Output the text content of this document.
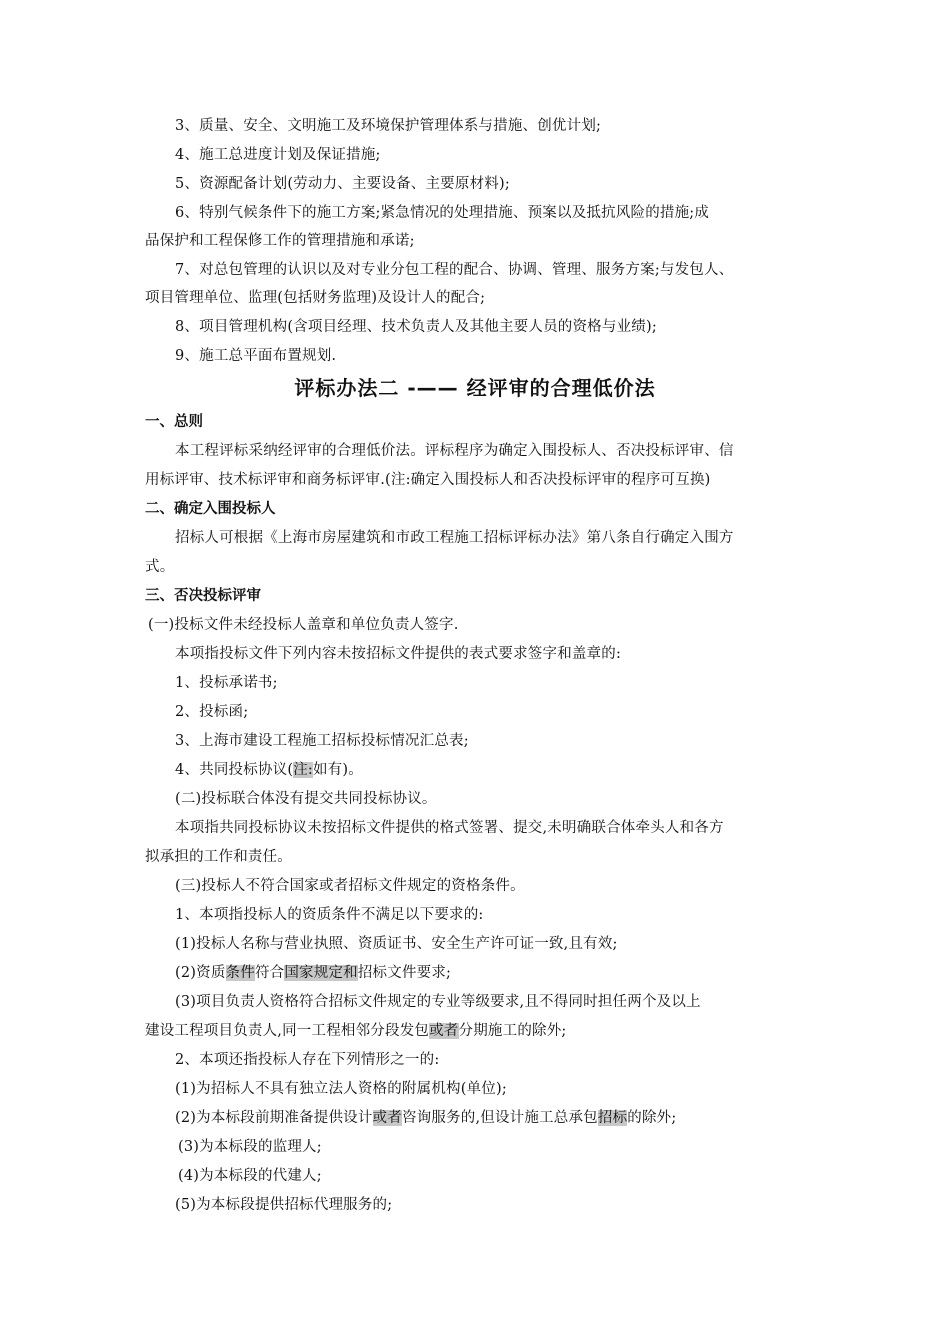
3、质量、安全、文明施工及环境保护管理体系与措施、创优计划;
4、施工总进度计划及保证措施;
5、资源配备计划(劳动力、主要设备、主要原材料);
6、特别气候条件下的施工方案;紧急情况的处理措施、预案以及抵抗风险的措施;成
品保护和工程保修工作的管理措施和承诺;
7、对总包管理的认识以及对专业分包工程的配合、协调、管理、服务方案;与发包人、
项目管理单位、监理(包括财务监理)及设计人的配合;
8、项目管理机构(含项目经理、技术负责人及其他主要人员的资格与业绩);
9、施工总平面布置规划.
评标办法二 -—— 经评审的合理低价法
一、总则
本工程评标采纳经评审的合理低价法。评标程序为确定入围投标人、否决投标评审、信
用标评审、技术标评审和商务标评审.(注:确定入围投标人和否决投标评审的程序可互换)
二、确定入围投标人
招标人可根据《上海市房屋建筑和市政工程施工招标评标办法》第八条自行确定入围方
式。
三、否决投标评审
(一)投标文件未经投标人盖章和单位负责人签字.
本项指投标文件下列内容未按招标文件提供的表式要求签字和盖章的:
1、投标承诺书;
2、投标函;
3、上海市建设工程施工招标投标情况汇总表;
4、共同投标协议(注:如有)。
(二)投标联合体没有提交共同投标协议。
本项指共同投标协议未按招标文件提供的格式签署、提交,未明确联合体牵头人和各方
拟承担的工作和责任。
(三)投标人不符合国家或者招标文件规定的资格条件。
1、本项指投标人的资质条件不满足以下要求的:
(1)投标人名称与营业执照、资质证书、安全生产许可证一致,且有效;
(2)资质条件符合国家规定和招标文件要求;
(3)项目负责人资格符合招标文件规定的专业等级要求,且不得同时担任两个及以上
建设工程项目负责人,同一工程相邻分段发包或者分期施工的除外;
2、本项还指投标人存在下列情形之一的:
(1)为招标人不具有独立法人资格的附属机构(单位);
(2)为本标段前期准备提供设计或者咨询服务的,但设计施工总承包招标的除外;
(3)为本标段的监理人;
(4)为本标段的代建人;
(5)为本标段提供招标代理服务的;
